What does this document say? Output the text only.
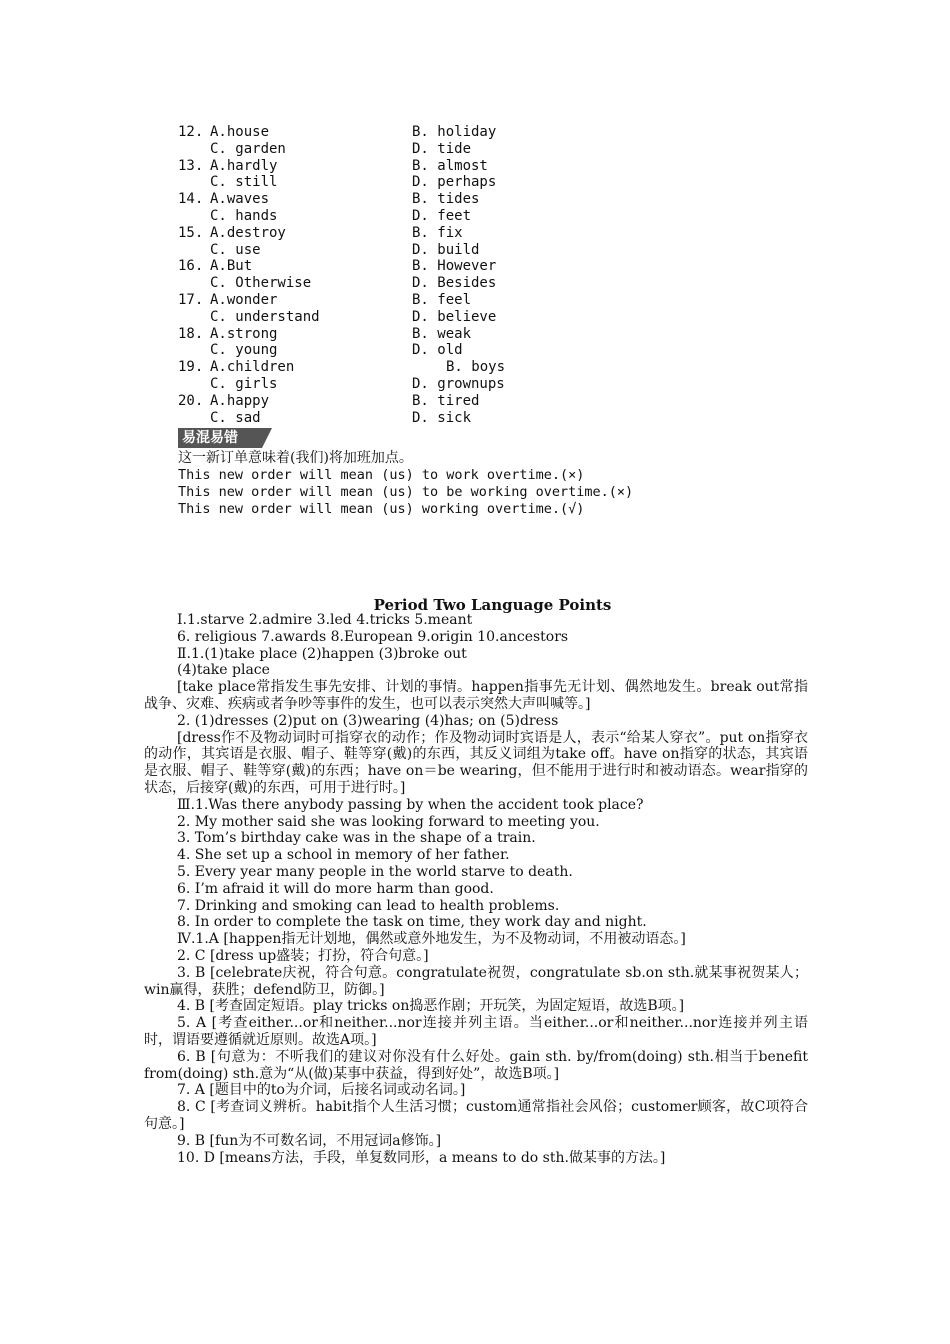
12. A.house	B. holiday
C. garden	D. tide
13. A.hardly	B. almost
C. still	D. perhaps
14. A.waves	B. tides
C. hands	D. feet
15. A.destroy	B. fix
C. use	D. build
16. A.But	B. However
C. Otherwise	D. Besides
17. A.wonder	B. feel
C. understand	D. believe
18. A.strong	B. weak
C. young	D. old
19. A.children	B. boys
C. girls	D. grownups
20. A.happy	B. tired
C. sad	D. sick
易混易错
这一新订单意味着(我们)将加班加点。
This new order will mean (us) to work overtime.(×)
This new order will mean (us) to be working overtime.(×)
This new order will mean (us) working overtime.(√)
Period Two Language Points
Ⅰ.1.starve 2.admire 3.led 4.tricks 5.meant
6. religious 7.awards 8.European 9.origin 10.ancestors
Ⅱ.1.(1)take place (2)happen (3)broke out
(4)take place
[take place常指发生事先安排、计划的事情。happen指事先无计划、偶然地发生。break out常指战争、灾难、疾病或者争吵等事件的发生，也可以表示突然大声叫喊等。]
2. (1)dresses (2)put on (3)wearing (4)has; on (5)dress
[dress作不及物动词时可指穿衣的动作；作及物动词时宾语是人，表示“给某人穿衣”。put on指穿衣的动作，其宾语是衣服、帽子、鞋等穿(戴)的东西，其反义词组为take off。have on指穿的状态，其宾语是衣服、帽子、鞋等穿(戴)的东西；have on＝be wearing，但不能用于进行时和被动语态。wear指穿的状态，后接穿(戴)的东西，可用于进行时。]
Ⅲ.1.Was there anybody passing by when the accident took place?
2. My mother said she was looking forward to meeting you.
3. Tom’s birthday cake was in the shape of a train.
4. She set up a school in memory of her father.
5. Every year many people in the world starve to death.
6. I’m afraid it will do more harm than good.
7. Drinking and smoking can lead to health problems.
8. In order to complete the task on time, they work day and night.
Ⅳ.1.A [happen指无计划地，偶然或意外地发生，为不及物动词，不用被动语态。]
2. C [dress up盛装；打扮，符合句意。]
3. B [celebrate庆祝，符合句意。congratulate祝贺，congratulate sb.on sth.就某事祝贺某人；win赢得，获胜；defend防卫，防御。]
4. B [考查固定短语。play tricks on捣恶作剧；开玩笑，为固定短语，故选B项。]
5. A [考查either...or和neither...nor连接并列主语。当either...or和neither...nor连接并列主语时，谓语要遵循就近原则。故选A项。]
6. B [句意为：不听我们的建议对你没有什么好处。gain sth. by/from(doing) sth.相当于benefit from(doing) sth.意为“从(做)某事中获益，得到好处”，故选B项。]
7. A [题目中的to为介词，后接名词或动名词。]
8. C [考查词义辨析。habit指个人生活习惯；custom通常指社会风俗；customer顾客，故C项符合句意。]
9. B [fun为不可数名词，不用冠词a修饰。]
10. D [means方法，手段，单复数同形，a means to do sth.做某事的方法。]
